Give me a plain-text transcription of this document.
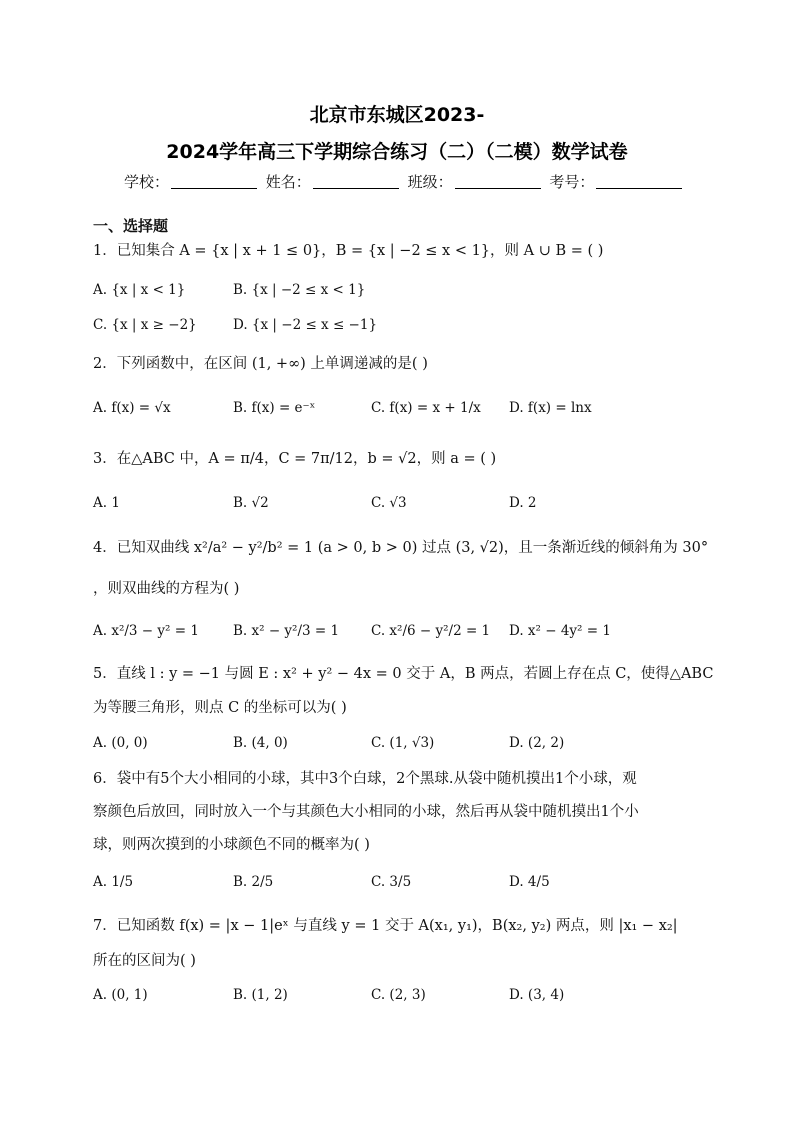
北京市东城区2023-
2024学年高三下学期综合练习（二）（二模）数学试卷
学校：	姓名：	班级：	考号：
一、选择题
1．已知集合 A = {x | x + 1 ≤ 0}，B = {x | −2 ≤ x < 1}，则 A ∪ B = ( )
A. {x | x < 1}	B. {x | −2 ≤ x < 1}
C. {x | x ≥ −2}	D. {x | −2 ≤ x ≤ −1}
2．下列函数中，在区间 (1, +∞) 上单调递减的是( )
A. f(x) = √x	B. f(x) = e⁻ˣ	C. f(x) = x + 1/x D. f(x) = lnx
3．在△ABC 中，A = π/4，C = 7π/12，b = √2，则 a = ( )
A. 1	B. √2	C. √3	D. 2
4．已知双曲线 x²/a² − y²/b² = 1 (a > 0, b > 0) 过点 (3, √2)，且一条渐近线的倾斜角为 30°
，则双曲线的方程为( )
A. x²/3 − y² = 1	B. x² − y²/3 = 1 C. x²/6 − y²/2 = 1 D. x² − 4y² = 1
5．直线 l : y = −1 与圆 E : x² + y² − 4x = 0 交于 A，B 两点，若圆上存在点 C，使得△ABC
为等腰三角形，则点 C 的坐标可以为( )
A. (0, 0)	B. (4, 0)	C. (1, √3)	D. (2, 2)
6．袋中有5个大小相同的小球，其中3个白球，2个黑球.从袋中随机摸出1个小球，观
察颜色后放回，同时放入一个与其颜色大小相同的小球，然后再从袋中随机摸出1个小
球，则两次摸到的小球颜色不同的概率为( )
A. 1/5	B. 2/5	C. 3/5	D. 4/5
7．已知函数 f(x) = |x − 1|eˣ 与直线 y = 1 交于 A(x₁, y₁)，B(x₂, y₂) 两点，则 |x₁ − x₂|
所在的区间为( )
A. (0, 1)	B. (1, 2)	C. (2, 3)	D. (3, 4)
